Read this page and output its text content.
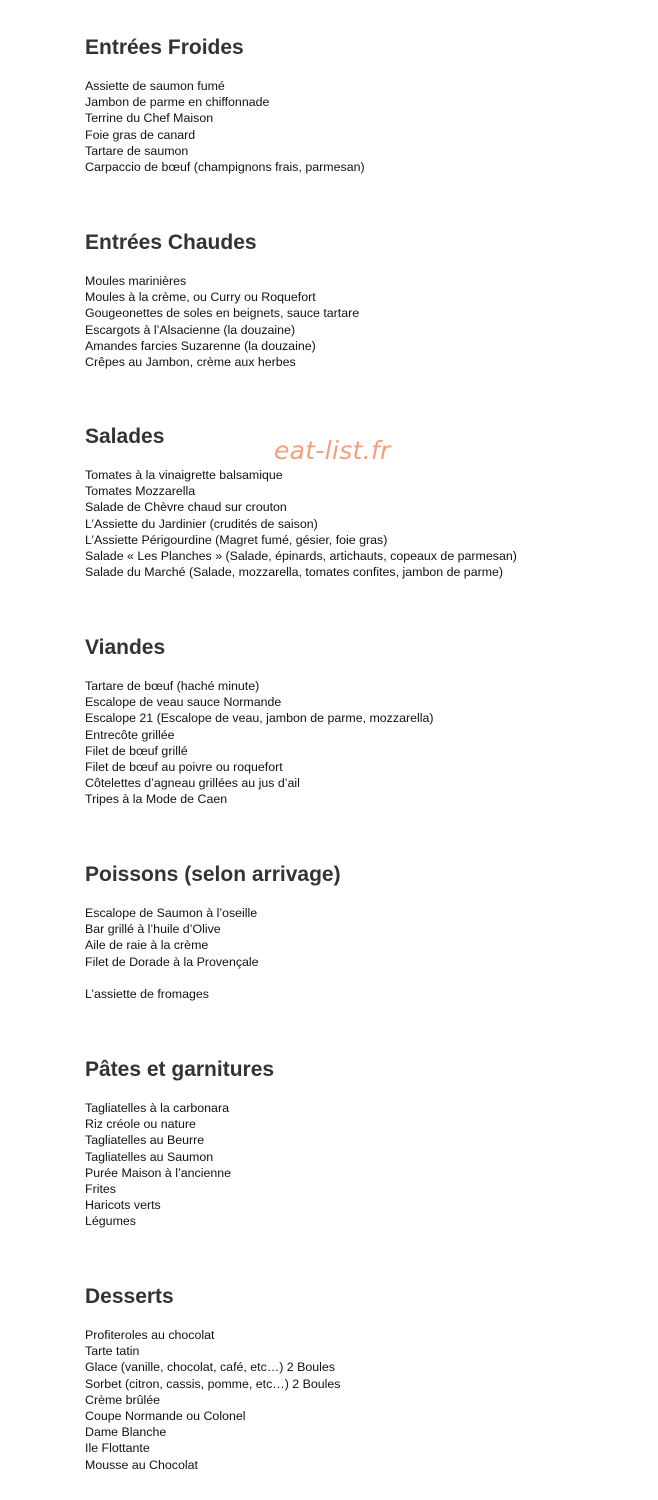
Entrées Froides
Assiette de saumon fumé
Jambon de parme en chiffonnade
Terrine du Chef Maison
Foie gras de canard
Tartare de saumon
Carpaccio de bœuf (champignons frais, parmesan)
Entrées Chaudes
Moules marinières
Moules à la crème, ou Curry ou Roquefort
Gougeonettes de soles en beignets, sauce tartare
Escargots à l’Alsacienne (la douzaine)
Amandes farcies Suzarenne (la douzaine)
Crêpes au Jambon, crème aux herbes
Salades
Tomates à la vinaigrette balsamique
Tomates Mozzarella
Salade de Chèvre chaud sur crouton
L’Assiette du Jardinier (crudités de saison)
L’Assiette Périgourdine (Magret fumé, gésier, foie gras)
Salade « Les Planches » (Salade, épinards, artichauts, copeaux de parmesan)
Salade du Marché (Salade, mozzarella, tomates confites, jambon de parme)
Viandes
Tartare de bœuf (haché minute)
Escalope de veau sauce Normande
Escalope 21 (Escalope de veau, jambon de parme, mozzarella)
Entrecôte grillée
Filet de bœuf grillé
Filet de bœuf au poivre ou roquefort
Côtelettes d’agneau grillées au jus d’ail
Tripes à la Mode de Caen
Poissons (selon arrivage)
Escalope de Saumon à l’oseille
Bar grillé à l’huile d’Olive
Aile de raie à la crème
Filet de Dorade à la Provençale
L’assiette de fromages
Pâtes et garnitures
Tagliatelles à la carbonara
Riz créole ou nature
Tagliatelles au Beurre
Tagliatelles au Saumon
Purée Maison à l’ancienne
Frites
Haricots verts
Légumes
Desserts
Profiteroles au chocolat
Tarte tatin
Glace (vanille, chocolat, café, etc…) 2 Boules
Sorbet (citron, cassis, pomme, etc…) 2 Boules
Crème brûlée
Coupe Normande ou Colonel
Dame Blanche
Ile Flottante
Mousse au Chocolat
eat-list.fr
